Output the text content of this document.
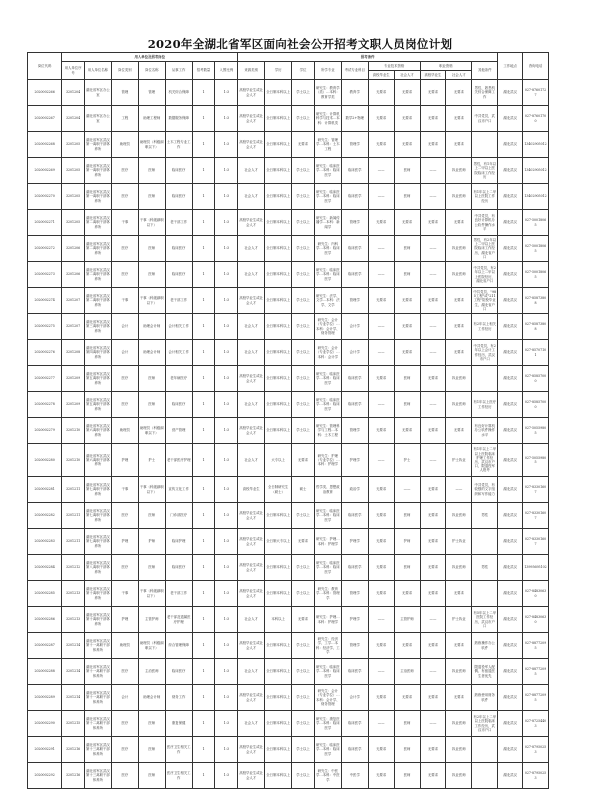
2020年全湖北省军区面向社会公开招考文职人员岗位计划
岗位代码	用人单位及招考岗位							招考条件										工作地点	咨询电话
	用人单位序号	用人单位名称	岗位类别	岗位名称	从事工作	招考数量	入围比例	来源类别	学历	学位	所学专业	考试专业科目	专业技术资格		职业资格		其他条件		
													高校毕业生	社会人才	高校毕业生	社会人才			
2020002266	3201204	湖北省军区办公室	管理	管理	机关综合保障	1	1:3	高校毕业生或社会人才	全日制本科以上	学士以上	研究生：教育学（类）…本科：教育学类	教育学	无要求	无要求	无要求	无要求	男性，熟悉机关综合保障工作	湖北武汉	027-87601727
2020002267	3201204	湖北省军区办公室	工程	助理工程师	数据服务保障	1	1:3	高校毕业生或社会人才	全日制本科以上	学士以上	研究生：计算机科学与技术…本科：计算机类	数学2+物理	无要求	无要求	无要求	无要求	中共党员，武汉市户口	湖北武汉	027-87601700
2020002268	3201205	湖北省军区武汉第一离职干部休养所	助理员	助理员（科级副职以下）	土木工程专业工作	1	1:3	高校毕业生或社会人才	全日制本科以上	无要求	研究生：管理学…本科：土木工程	管理学	无要求	无要求	无要求	无要求		湖北武汉	13402905012
2020002269	3201205	湖北省军区武汉第一离职干部休养所	医疗	医师	临床医疗	1	1:3	社会人才	全日制本科以上	学士以上	研究生：临床医学…本科：临床医学	临床医学	——	医师	——	执业医师	男性，有1年以上二甲以上医院临床工作经历	湖北武汉	13402905012
2020002270	3201205	湖北省军区武汉第一离职干部休养所	医疗	医师	临床医疗	1	1:3	社会人才	全日制本科以上	学士以上	研究生：临床医学…本科：临床医学	临床医学	——	医师	——	执业医师	有1年以上二甲以上医院工作经历	湖北武汉	13402905012
2020002271	3201205	湖北省军区武汉第二离职干部休养所	干事	干事（科级副职以下）	老干部工作	1	1:3	高校毕业生或社会人才	全日制本科以上	学士以上	研究生：新闻传播学…本科：新闻学	管理学	无要求	无要求	无要求	无要求	中共党员，有良好计算机办公软件操作水平	湖北武汉	027-50018065
2020002272	3201206	湖北省军区武汉第二离职干部休养所	医疗	医师	临床医疗	1	1:3	社会人才	全日制本科以上	学士以上	研究生：内科学…本科：临床医学	临床医学	——	医师	——	执业医师	男性，有2年以上二甲以上医院临床工作经历，湖北省户口	湖北武汉	027-50018065
2020002273	3201206	湖北省军区武汉第二离职干部休养所	医疗	医师	临床医疗	1	1:3	社会人才	全日制本科以上	学士以上	研究生：临床医学…本科：临床医学	临床医学	——	医师	——	执业医师	中共党员，有2年以上二甲以上医院经历，湖北省户口	湖北武汉	027-50018065
2020002274	3201207	湖北省军区武汉第二离职干部休养所	干事	干事（科级副职以下）	老干部工作	1	1:3	高校毕业生或社会人才	全日制本科以上	学士以上	研究生：法学、文学…本科：法学、文学	管理学	无要求	无要求	无要求	无要求	中共党员，"985工程"或"211工程"院校毕业生，湖北省户口	湖北武汉	027-85873808
2020002275	3201207	湖北省军区武汉第三离职干部休养所	会计	助理会计师	会计相关工作	1	1:3	社会人才	全日制本科以上	学士以上	研究生：会计（专业学位）…本科：会计学、财务管理	会计学	——	无要求	——	无要求	有2年以上相关工作经历	湖北武汉	027-85873808
2020002276	3201208	湖北省军区武汉第四离职干部休养所	会计	助理会计师	会计相关工作	1	1:3	社会人才	全日制本科以上	学士以上	研究生：会计（专业学位）…本科：会计学	会计学	——	无要求	——	无要求	中共党员，有2年以上会计工作经历，武汉市户口	湖北武汉	027-85707101
2020002277	3201209	湖北省军区武汉第五离职干部休养所	医疗	医师	老年病医疗	1	1:3	高校毕业生或社会人才	全日制本科以上	学士以上	研究生：临床医学…本科：临床医学	临床医学	无要求	医师	无要求	执业医师		湖北武汉	027-85857000
2020002278	3201209	湖北省军区武汉第五离职干部休养所	医疗	医师	临床医疗	1	1:3	社会人才	全日制本科以上	学士以上	研究生：临床医学…本科：临床医学	临床医学	——	医师	——	执业医师	有1年以上医疗工作经历	湖北武汉	027-85857000
2020002279	3201210	湖北省军区武汉第六离职干部休养所	助理员	助理员（科级副职以下）	营产管理	1	1:3	高校毕业生或社会人才	全日制本科以上	学士以上	研究生：管理科学与工程…本科：土木工程	管理学	无要求	无要求	无要求	无要求	有良好计算机办公软件操作水平	湖北武汉	027-50559805
2020002280	3201210	湖北省军区武汉第六离职干部休养所	护理	护士	老干部医疗护理	1	1:3	社会人才	大专以上	无要求	研究生：护理（专业学位）…本科：护理学	护理学	——	护士	——	护士执业	有1年以上二甲以上医院临床护理工作经历，武汉市户口，限退役军人报考	湖北武汉	027-50559805
2020002281	3201211	湖北省军区武汉第七离职干部休养所	干事	干事（科级副职以下）	宣传文化工作	1	1:3	高校毕业生	全日制研究生（硕士）	硕士	哲学类、思想政治教育	政治学	无要求	——	无要求	——	中共党员，有较强的文字组织和写作能力	湖北武汉	027-83301607
2020002282	3201211	湖北省军区武汉第七离职干部休养所	医疗	医师	门诊部医疗	1	1:3	高校毕业生或社会人才	全日制本科以上	学士以上	研究生：临床医学…本科：临床医学	临床医学	无要求	医师	无要求	执业医师	男性	湖北武汉	027-83301607
2020002283	3201211	湖北省军区武汉第七离职干部休养所	护理	护师	临床护理	1	1:3	高校毕业生或社会人才	全日制大专以上	无要求	研究生：护理…本科：护理学	护理学	无要求	护师	无要求	护士执业		湖北武汉	027-83301607
2020002284	3201212	湖北省军区武汉第八离职干部休养所	医疗	医师	临床医疗	1	1:3	高校毕业生或社会人才	全日制本科以上	学士以上	研究生：临床医学…本科：临床医学	临床医学	无要求	医师	无要求	执业医师	男性	湖北武汉	13995695102
2020002285	3201213	湖北省军区武汉第十离职干部休养所	干事	干事（科级副职以下）	老干部工作	1	1:3	高校毕业生或社会人才	全日制本科以上	学士以上	研究生：教育学…本科：管理学	管理学	无要求	无要求	无要求	无要求		湖北武汉	027-84830630
2020002286	3201213	湖北省军区武汉第十离职干部休养所	护理	主管护师	老干部及遗属医疗护理	1	1:3	社会人才	本科以上	无要求	研究生：护理…本科：护理学	护理学	——	主管护师	——	护士执业	有5年以上二甲医院工作经历，武汉市户口	湖北武汉	027-84830630
2020002287	3201214	湖北省军区武汉第十一离职干部休养所	助理员	助理员（科级副职以下）	综合管理保障	1	1:3	高校毕业生或社会人才	全日制本科以上	学士以上	研究生：经济学、工学…本科：经济学、工学	管理学	无要求	无要求	无要求	无要求	熟练操作办公软件	湖北武汉	027-88772095
2020002288	3201214	湖北省军区武汉第十一离职干部休养所	医疗	主治医师	临床医疗	1	1:3	社会人才	全日制本科以上	学士以上	研究生：临床医学…本科：临床医学	临床医学	——	主治医师	——	执业医师	限退役军人配偶、有留退医生者优先	湖北武汉	027-88772095
2020002289	3201214	湖北省军区武汉第十一离职干部休养所	会计	助理会计师	财务工作	1	1:3	高校毕业生或社会人才	全日制本科以上	学士以上	研究生：会计（专业学位）…本科：会计学、财务管理	会计学	无要求	无要求	无要求	无要求	熟练使用财务软件	湖北武汉	027-88772095
2020002290	3201215	湖北省军区武汉第十二离职干部休养所	医疗	医师	康复保健	1	1:3	社会人才	全日制本科以上	学士以上	研究生：康复医学…本科：临床医学	临床医学	——	医师	——	执业医师	有2年以上二甲以上医院临床工作经历，武汉市户口	湖北武汉	027-87254403
2020002291	3201216	湖北省军区武汉第十三离职干部休养所	医疗	医师	医疗卫生相关工作	1	1:3	高校毕业生或社会人才	全日制本科以上	学士以上	研究生：临床医学…本科：临床医学	临床医学	无要求	医师	无要求	执业医师		湖北武汉	027-87950253
2020002292	3201216	湖北省军区武汉第十三离职干部休养所	医疗	医师	医疗卫生相关工作	1	1:3	高校毕业生或社会人才	全日制本科以上	学士以上	研究生：中医学…本科：中医学	中医学	无要求	医师	无要求	执业医师		湖北武汉	027-87950253
